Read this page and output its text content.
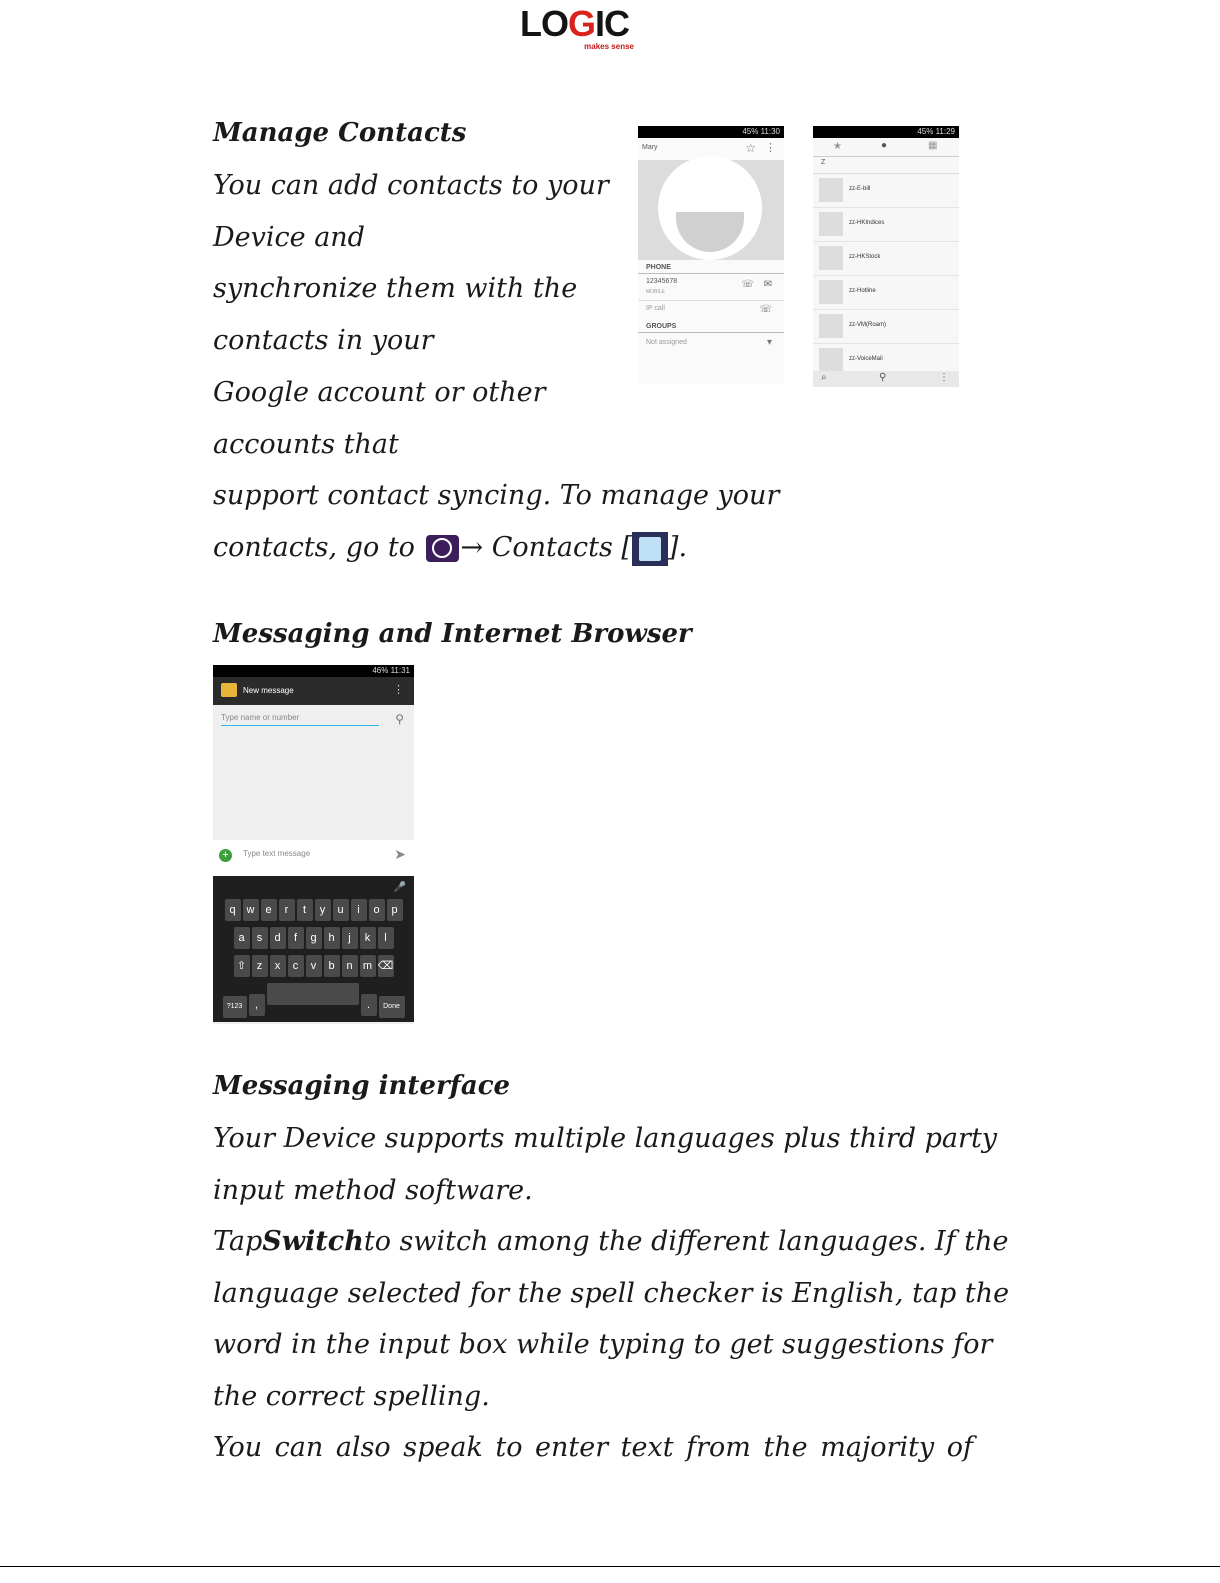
LOGIC
makes sense
Manage Contacts
You can add contacts to your
Device and
synchronize them with the
contacts in your
Google account or other
accounts that
support contact syncing. To manage your
contacts, go to
→ Contacts [ ].
45% 11:30
Mary	☆ ⋮
PHONE
12345678
MOBILE
☏ ✉
IP call	☏
GROUPS
Not assigned	▾
45% 11:29
★	●	▦
Z
zz-E-bill
zz-HKIndices
zz-HKStock
zz-Hotline
zz-VM(Roam)
zz-VoiceMail
⌕	⚲	⋮
Messaging and Internet Browser
46% 11:31
New message	⋮
Type name or number	⚲
+	Type text message	➤
🎤
q w e r t y u i o p
a s d f g h j k l
⇧ z x c v b n m ⌫
?123 ,	. Done
Messaging interface
Your Device supports multiple languages plus third party
input method software.
TapSwitchto switch among the different languages. If the
language selected for the spell checker is English, tap the
word in the input box while typing to get suggestions for
the correct spelling.
You can also speak to enter text from the majority of
